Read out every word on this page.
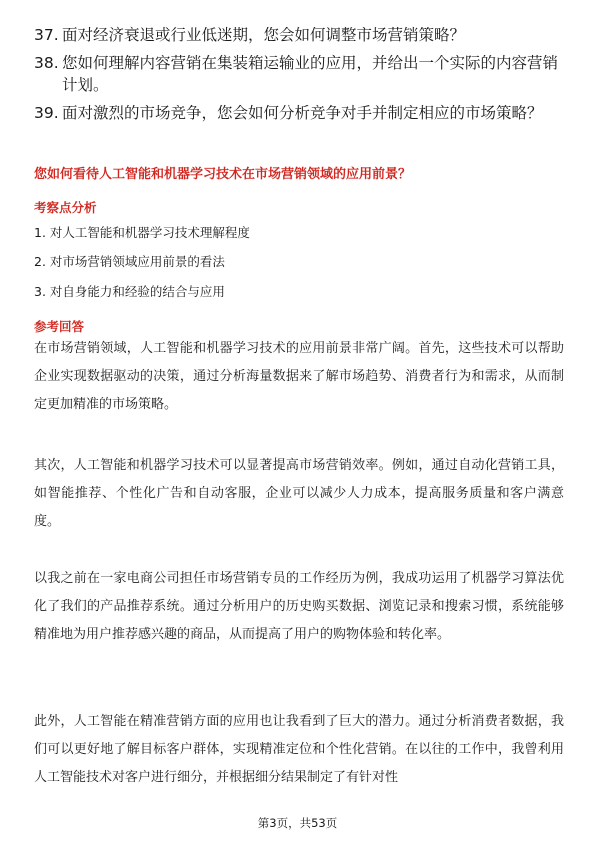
37. 面对经济衰退或行业低迷期，您会如何调整市场营销策略？
38. 您如何理解内容营销在集装箱运输业的应用，并给出一个实际的内容营销计划。
39. 面对激烈的市场竞争，您会如何分析竞争对手并制定相应的市场策略？
您如何看待人工智能和机器学习技术在市场营销领域的应用前景？
考察点分析
1. 对人工智能和机器学习技术理解程度
2. 对市场营销领域应用前景的看法
3. 对自身能力和经验的结合与应用
参考回答
在市场营销领域，人工智能和机器学习技术的应用前景非常广阔。首先，这些技术可以帮助企业实现数据驱动的决策，通过分析海量数据来了解市场趋势、消费者行为和需求，从而制定更加精准的市场策略。
其次，人工智能和机器学习技术可以显著提高市场营销效率。例如，通过自动化营销工具，如智能推荐、个性化广告和自动客服，企业可以减少人力成本，提高服务质量和客户满意度。
以我之前在一家电商公司担任市场营销专员的工作经历为例，我成功运用了机器学习算法优化了我们的产品推荐系统。通过分析用户的历史购买数据、浏览记录和搜索习惯，系统能够精准地为用户推荐感兴趣的商品，从而提高了用户的购物体验和转化率。
此外，人工智能在精准营销方面的应用也让我看到了巨大的潜力。通过分析消费者数据，我们可以更好地了解目标客户群体，实现精准定位和个性化营销。在以往的工作中，我曾利用人工智能技术对客户进行细分，并根据细分结果制定了有针对性
第3页，共53页
